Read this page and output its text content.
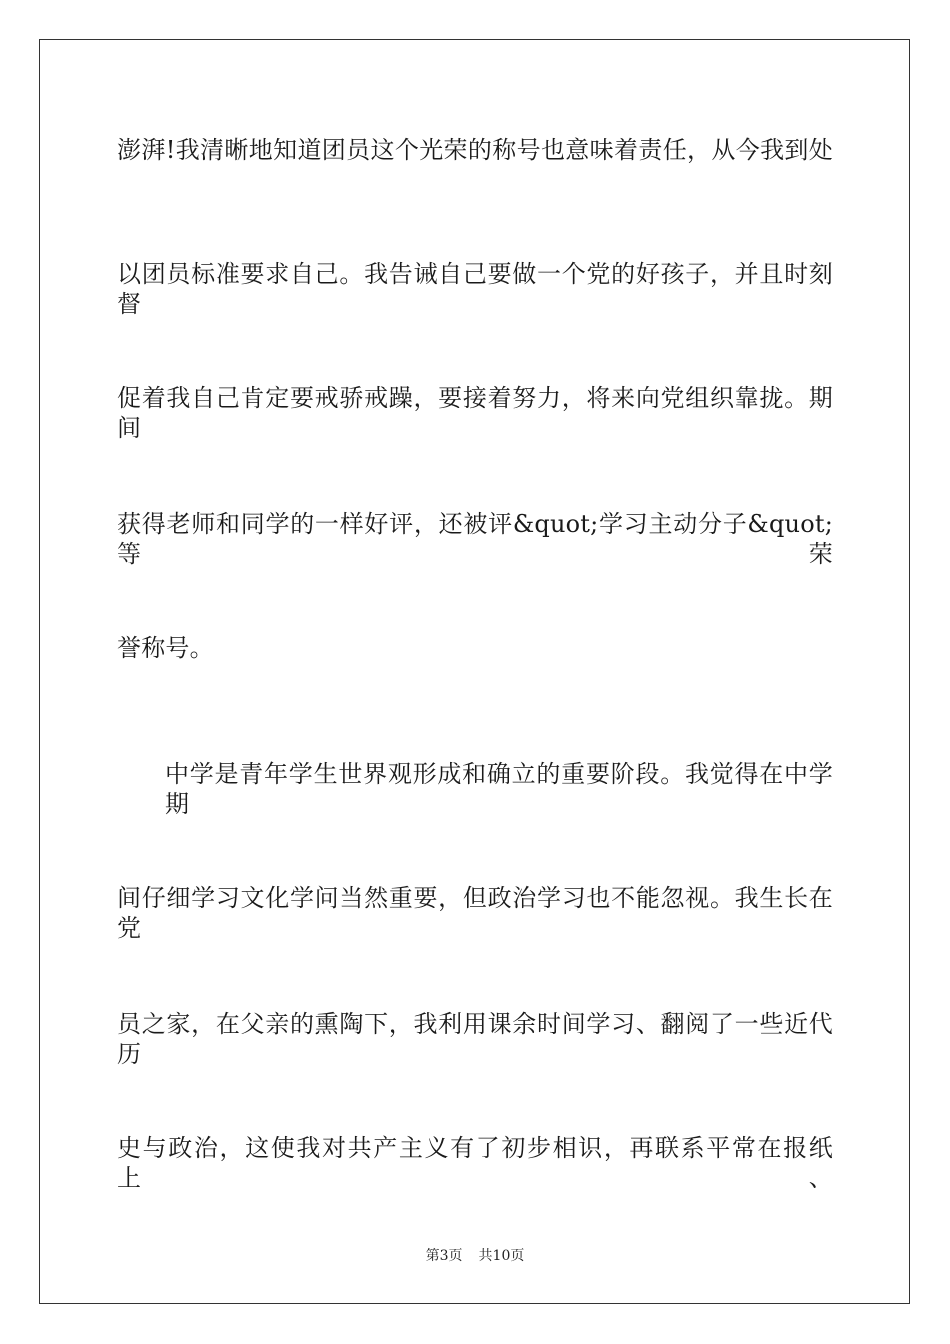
澎湃!我清晰地知道团员这个光荣的称号也意味着责任，从今我到处
以团员标准要求自己。我告诫自己要做一个党的好孩子，并且时刻督
促着我自己肯定要戒骄戒躁，要接着努力，将来向党组织靠拢。期间
获得老师和同学的一样好评，还被评&quot;学习主动分子&quot;等荣
誉称号。
中学是青年学生世界观形成和确立的重要阶段。我觉得在中学期
间仔细学习文化学问当然重要，但政治学习也不能忽视。我生长在党
员之家，在父亲的熏陶下，我利用课余时间学习、翻阅了一些近代历
史与政治，这使我对共产主义有了初步相识，再联系平常在报纸上、
第3页 共10页
